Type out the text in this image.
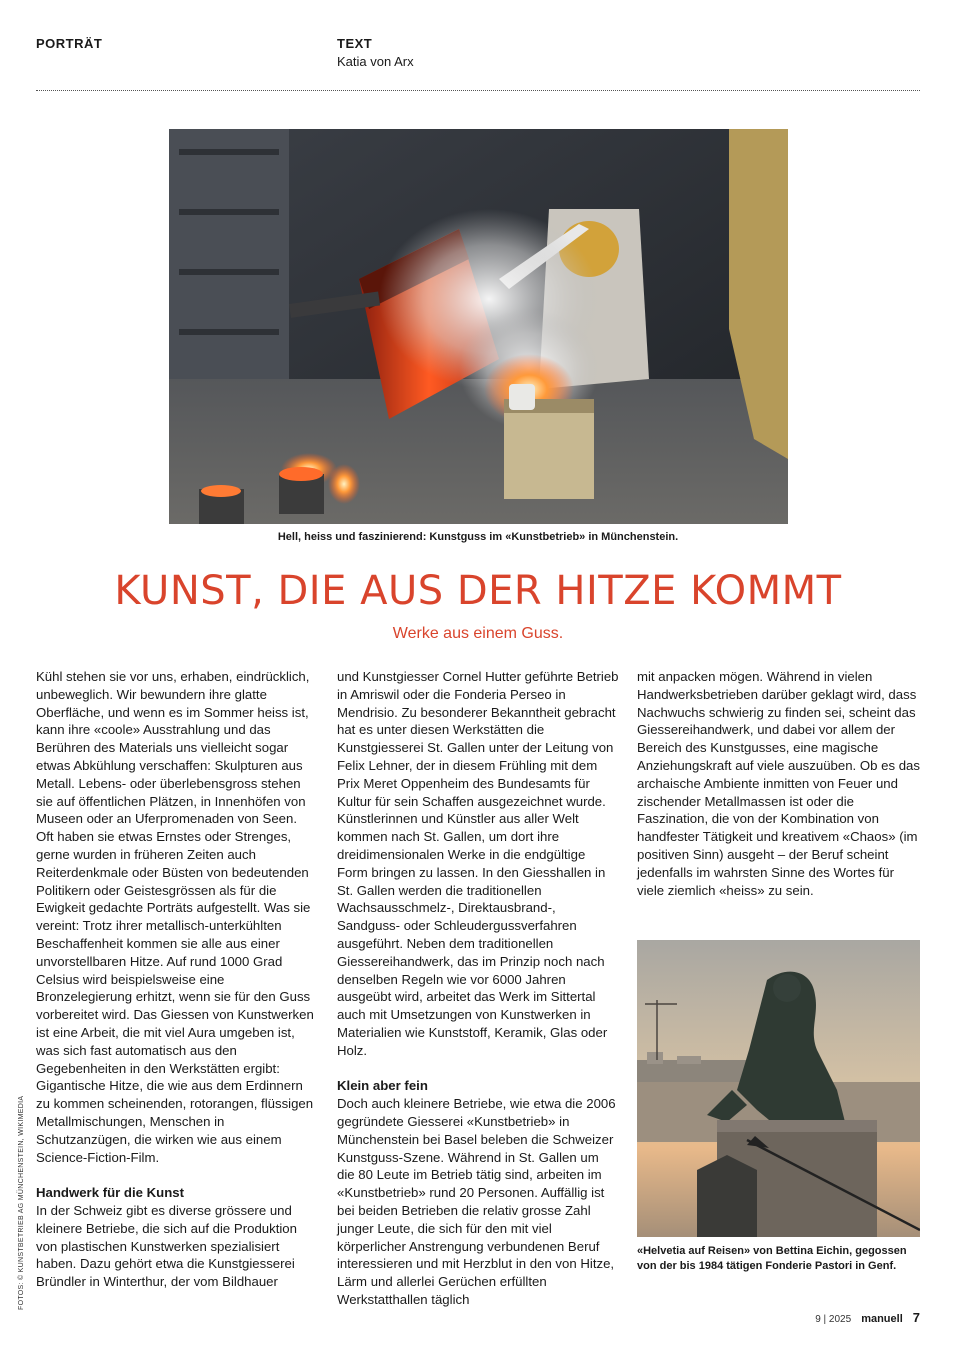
PORTRÄT	TEXT
Katia von Arx
Hell, heiss und faszinierend: Kunstguss im «Kunstbetrieb» in Münchenstein.
KUNST, DIE AUS DER HITZE KOMMT
Werke aus einem Guss.

Kühl stehen sie vor uns, erhaben, eindrücklich, unbeweglich. Wir bewundern ihre glatte Oberfläche, und wenn es im Sommer heiss ist, kann ihre «coole» Ausstrahlung und das Berühren des Materials uns vielleicht sogar etwas Abkühlung verschaffen: Skulpturen aus Metall. Lebens- oder überlebensgross stehen sie auf öffentlichen Plätzen, in Innenhöfen von Museen oder an Uferpromenaden von Seen. Oft haben sie etwas Ernstes oder Strenges, gerne wurden in früheren Zeiten auch Reiterdenkmale oder Büsten von bedeutenden Politikern oder Geistesgrössen als für die Ewigkeit gedachte Porträts aufgestellt. Was sie vereint: Trotz ihrer metallisch-unterkühlten Beschaffenheit kommen sie alle aus einer unvorstellbaren Hitze. Auf rund 1000 Grad Celsius wird beispielsweise eine Bronzelegierung erhitzt, wenn sie für den Guss vorbereitet wird. Das Giessen von Kunstwerken ist eine Arbeit, die mit viel Aura umgeben ist, was sich fast automatisch aus den Gegebenheiten in den Werkstätten ergibt: Gigantische Hitze, die wie aus dem Erdinnern zu kommen scheinenden, rotorangen, flüssigen Metallmischungen, Menschen in Schutzanzügen, die wirken wie aus einem Science-Fiction-Film.

Handwerk für die Kunst

In der Schweiz gibt es diverse grössere und kleinere Betriebe, die sich auf die Produktion von plastischen Kunstwerken spezialisiert haben. Dazu gehört etwa die Kunstgiesserei Bründler in Winterthur, der vom Bildhauer

und Kunstgiesser Cornel Hutter geführte Betrieb in Amriswil oder die Fonderia Perseo in Mendrisio. Zu besonderer Bekanntheit gebracht hat es unter diesen Werkstätten die Kunstgiesserei St. Gallen unter der Leitung von Felix Lehner, der in diesem Frühling mit dem Prix Meret Oppenheim des Bundesamts für Kultur für sein Schaffen ausgezeichnet wurde. Künstlerinnen und Künstler aus aller Welt kommen nach St. Gallen, um dort ihre dreidimensionalen Werke in die endgültige Form bringen zu lassen. In den Giesshallen in St. Gallen werden die traditionellen Wachsausschmelz-, Direktausbrand-, Sandguss- oder Schleudergussverfahren ausgeführt. Neben dem traditionellen Giessereihandwerk, das im Prinzip noch nach denselben Regeln wie vor 6000 Jahren ausgeübt wird, arbeitet das Werk im Sittertal auch mit Umsetzungen von Kunstwerken in Materialien wie Kunststoff, Keramik, Glas oder Holz.

Klein aber fein

Doch auch kleinere Betriebe, wie etwa die 2006 gegründete Giesserei «Kunstbetrieb» in Münchenstein bei Basel beleben die Schweizer Kunstguss-Szene. Während in St. Gallen um die 80 Leute im Betrieb tätig sind, arbeiten im «Kunstbetrieb» rund 20 Personen. Auffällig ist bei beiden Betrieben die relativ grosse Zahl junger Leute, die sich für den mit viel körperlicher Anstrengung verbundenen Beruf interessieren und mit Herzblut in den von Hitze, Lärm und allerlei Gerüchen erfüllten Werkstatthallen täglich

mit anpacken mögen. Während in vielen Handwerksbetrieben darüber geklagt wird, dass Nachwuchs schwierig zu finden sei, scheint das Giessereihandwerk, und dabei vor allem der Bereich des Kunstgusses, eine magische Anziehungskraft auf viele auszuüben. Ob es das archaische Ambiente inmitten von Feuer und zischender Metallmassen ist oder die Faszination, die von der Kombination von handfester Tätigkeit und kreativem «Chaos» (im positiven Sinn) ausgeht – der Beruf scheint jedenfalls im wahrsten Sinne des Wortes für viele ziemlich «heiss» zu sein.

«Helvetia auf Reisen» von Bettina Eichin, gegossen von der bis 1984 tätigen Fonderie Pastori in Genf.
FOTOS: © KUNSTBETRIEB AG MÜNCHENSTEIN, WIKIMEDIA
9 | 2025 manuell 7
